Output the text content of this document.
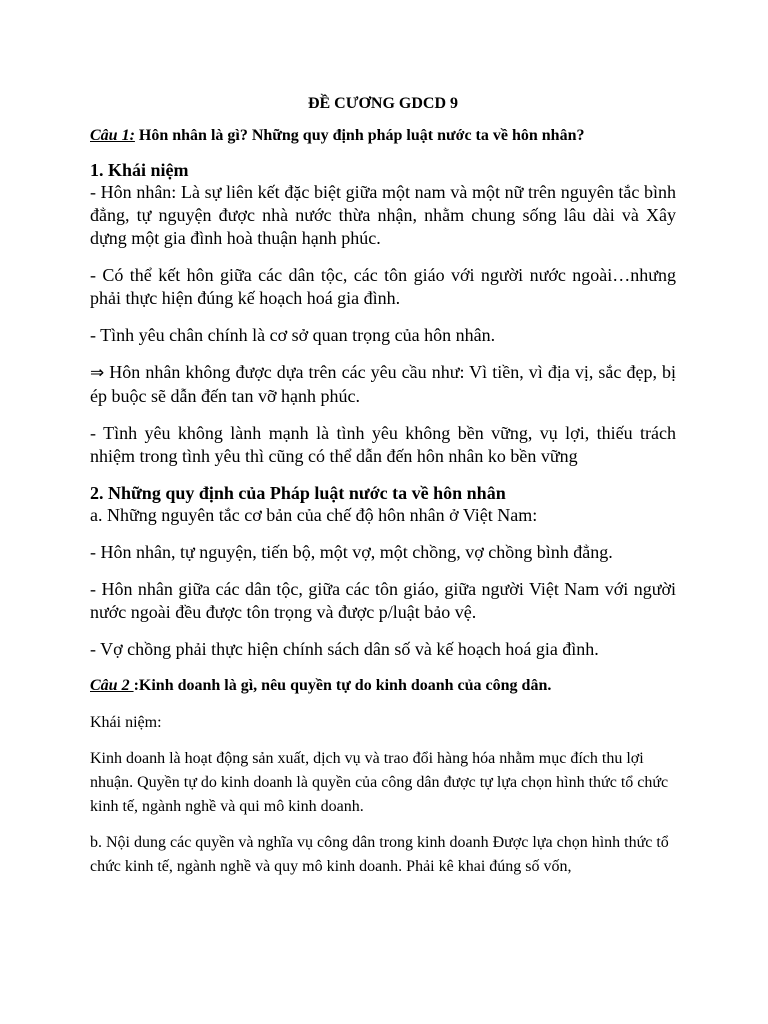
ĐỀ CƯƠNG GDCD 9
Câu 1: Hôn nhân là gì? Những quy định pháp luật nước ta về hôn nhân?
1. Khái niệm
- Hôn nhân: Là sự liên kết đặc biệt giữa một nam và một nữ trên nguyên tắc bình đẳng, tự nguyện được nhà nước thừa nhận, nhằm chung sống lâu dài và Xây dựng một gia đình hoà thuận hạnh phúc.
- Có thể kết hôn giữa các dân tộc, các tôn giáo với người nước ngoài…nhưng phải thực hiện đúng kế hoạch hoá gia đình.
- Tình yêu chân chính là cơ sở quan trọng của hôn nhân.
⇒ Hôn nhân không được dựa trên các yêu cầu như: Vì tiền, vì địa vị, sắc đẹp, bị ép buộc sẽ dẫn đến tan vỡ hạnh phúc.
- Tình yêu không lành mạnh là tình yêu không bền vững, vụ lợi, thiếu trách nhiệm trong tình yêu thì cũng có thể dẫn đến hôn nhân ko bền vững
2. Những quy định của Pháp luật nước ta về hôn nhân
a. Những nguyên tắc cơ bản của chế độ hôn nhân ở Việt Nam:
- Hôn nhân, tự nguyện, tiến bộ, một vợ, một chồng, vợ chồng bình đẳng.
- Hôn nhân giữa các dân tộc, giữa các tôn giáo, giữa người Việt Nam với người nước ngoài đều được tôn trọng và được p/luật bảo vệ.
- Vợ chồng phải thực hiện chính sách dân số và kế hoạch hoá gia đình.
Câu 2 :Kinh doanh là gì, nêu quyền tự do kinh doanh của công dân.
Khái niệm:
Kinh doanh là hoạt động sản xuất, dịch vụ và trao đổi hàng hóa nhằm mục đích thu lợi nhuận. Quyền tự do kinh doanh là quyền của công dân được tự lựa chọn hình thức tổ chức kinh tế, ngành nghề và qui mô kinh doanh.
b. Nội dung các quyền và nghĩa vụ công dân trong kinh doanh Được lựa chọn hình thức tổ chức kinh tế, ngành nghề và quy mô kinh doanh. Phải kê khai đúng số vốn,
